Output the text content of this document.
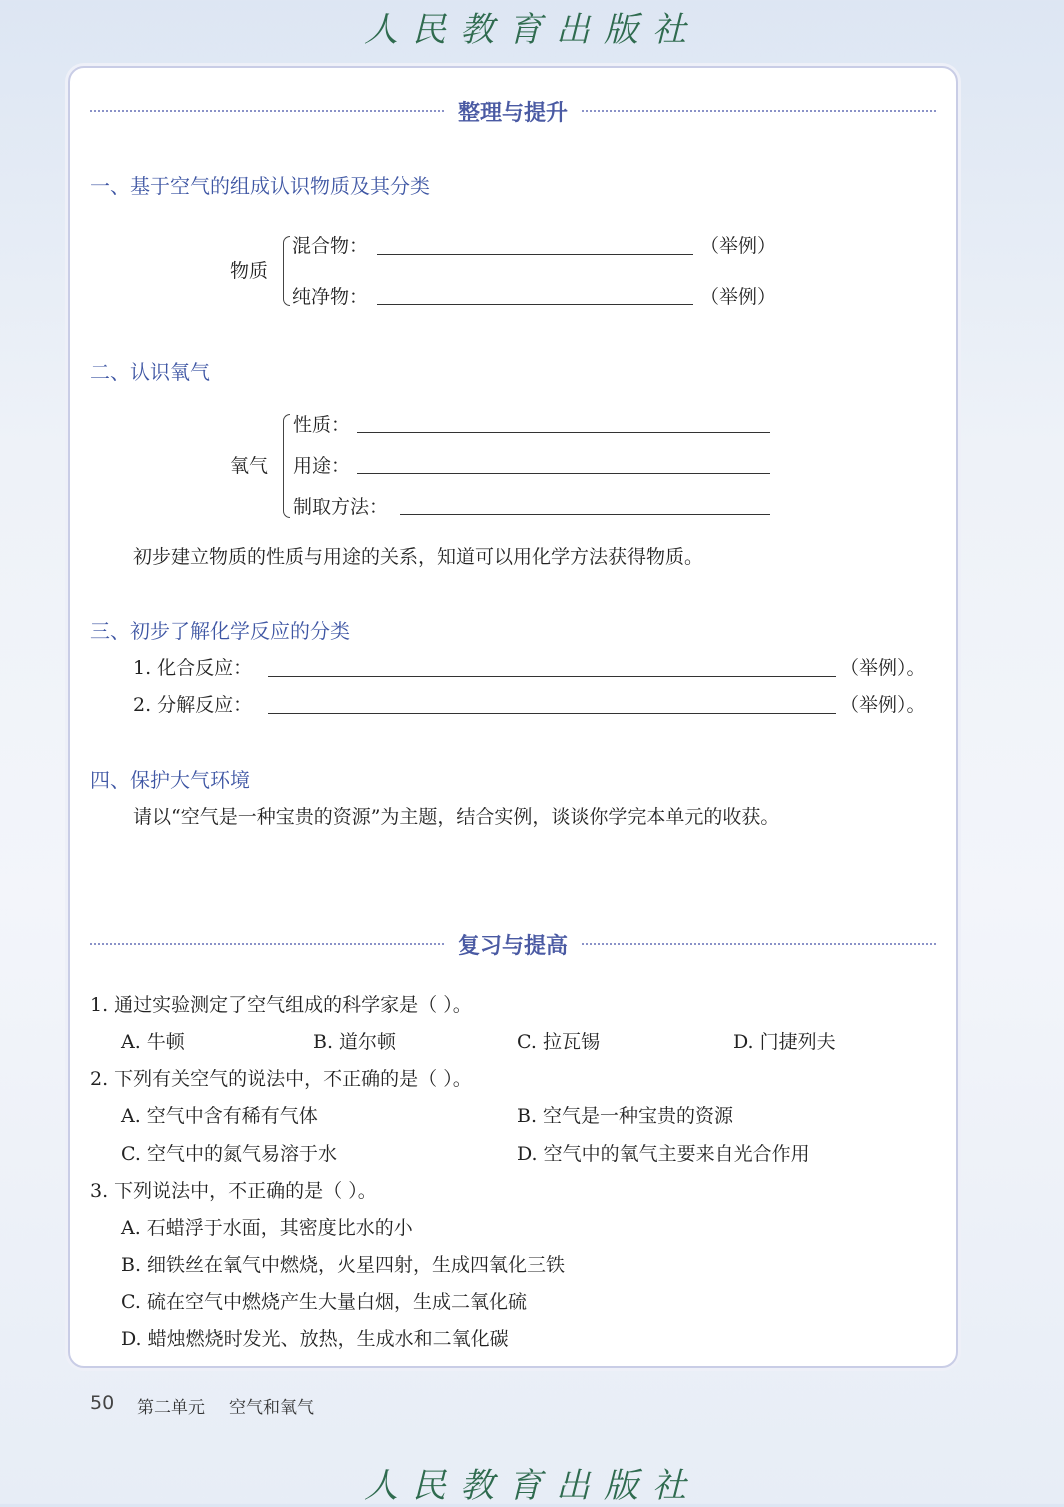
人民教育出版社
整理与提升
一、基于空气的组成认识物质及其分类
物质
混合物：	（举例）
纯净物：	（举例）
二、认识氧气
氧气
性质：
用途：
制取方法：
初步建立物质的性质与用途的关系，知道可以用化学方法获得物质。
三、初步了解化学反应的分类
1. 化合反应：	（举例）。
2. 分解反应：	（举例）。
四、保护大气环境
请以“空气是一种宝贵的资源”为主题，结合实例，谈谈你学完本单元的收获。
复习与提高
1. 通过实验测定了空气组成的科学家是（ ）。
A. 牛顿	B. 道尔顿	C. 拉瓦锡	D. 门捷列夫
2. 下列有关空气的说法中，不正确的是（ ）。
A. 空气中含有稀有气体	B. 空气是一种宝贵的资源
C. 空气中的氮气易溶于水	D. 空气中的氧气主要来自光合作用
3. 下列说法中，不正确的是（ ）。
A. 石蜡浮于水面，其密度比水的小
B. 细铁丝在氧气中燃烧，火星四射，生成四氧化三铁
C. 硫在空气中燃烧产生大量白烟，生成二氧化硫
D. 蜡烛燃烧时发光、放热，生成水和二氧化碳
50 第二单元 空气和氧气
人民教育出版社
